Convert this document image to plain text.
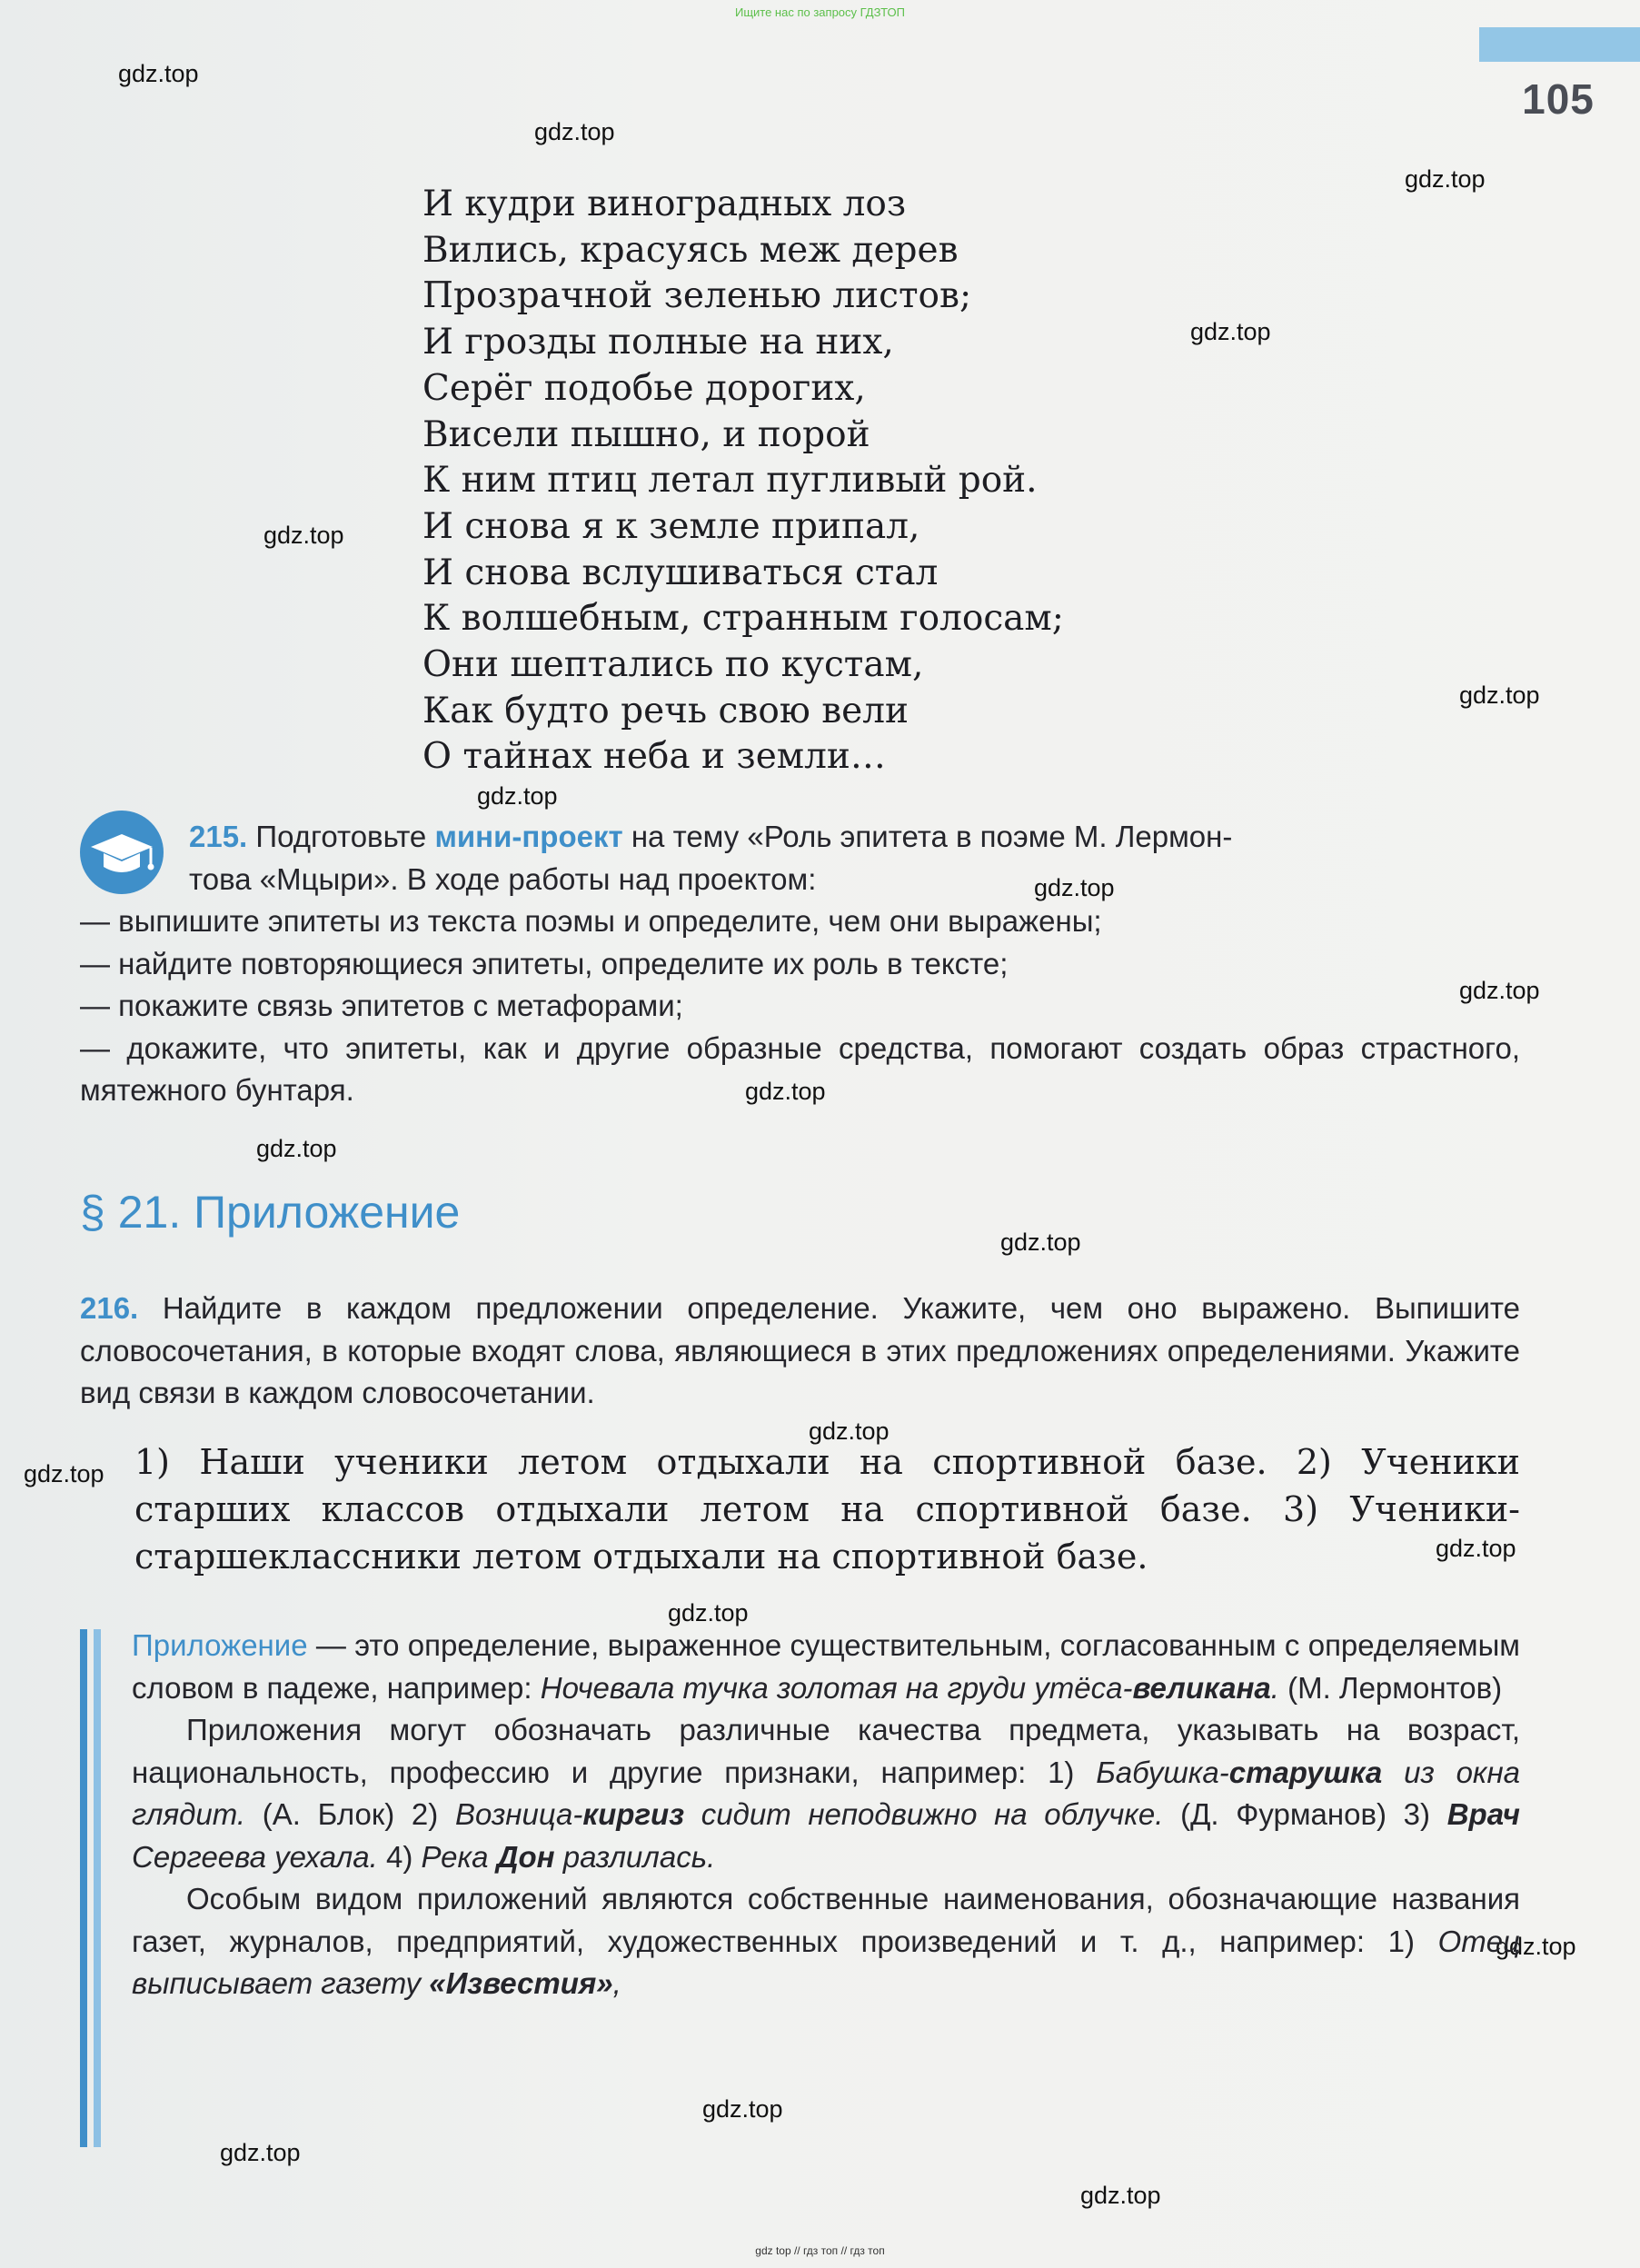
Ищите нас по запросу ГДЗТОП
105
gdz.top
gdz.top
gdz.top
gdz.top
gdz.top
gdz.top
gdz.top
gdz.top
gdz.top
gdz.top
gdz.top
gdz.top
gdz.top
gdz.top
gdz.top
gdz.top
gdz.top
gdz.top
gdz.top
gdz.top
И кудри виноградных лоз
Вились, красуясь меж дерев
Прозрачной зеленью листов;
И грозды полные на них,
Серёг подобье дорогих,
Висели пышно, и порой
К ним птиц летал пугливый рой.
И снова я к земле припал,
И снова вслушиваться стал
К волшебным, странным голосам;
Они шептались по кустам,
Как будто речь свою вели
О тайнах неба и земли…
215. Подготовьте мини-проект на тему «Роль эпитета в поэме М. Лермон-
това «Мцыри». В ходе работы над проектом:
— выпишите эпитеты из текста поэмы и определите, чем они выражены;
— найдите повторяющиеся эпитеты, определите их роль в тексте;
— покажите связь эпитетов с метафорами;
— докажите, что эпитеты, как и другие образные средства, помогают создать образ страстного, мятежного бунтаря.
§ 21. Приложение
216. Найдите в каждом предложении определение. Укажите, чем оно выражено. Выпишите словосочетания, в которые входят слова, являющиеся в этих предложениях определениями. Укажите вид связи в каждом словосочетании.
1) Наши ученики летом отдыхали на спортивной базе. 2) Ученики старших классов отдыхали летом на спортивной базе. 3) Ученики-старшеклассники летом отдыхали на спортивной базе.

Приложение — это определение, выраженное существительным, согласованным с определяемым словом в падеже, например: Ночевала тучка золотая на груди утёса-великана. (М. Лермонтов)

Приложения могут обозначать различные качества предмета, указывать на возраст, национальность, профессию и другие признаки, например: 1) Бабушка-старушка из окна глядит. (А. Блок) 2) Возница-киргиз сидит неподвижно на облучке. (Д. Фурманов) 3) Врач Сергеева уехала. 4) Река Дон разлилась.

Особым видом приложений являются собственные наименования, обозначающие названия газет, журналов, предприятий, художественных произведений и т. д., например: 1) Отец выписывает газету «Известия»,

gdz top // гдз топ // гдз топ
